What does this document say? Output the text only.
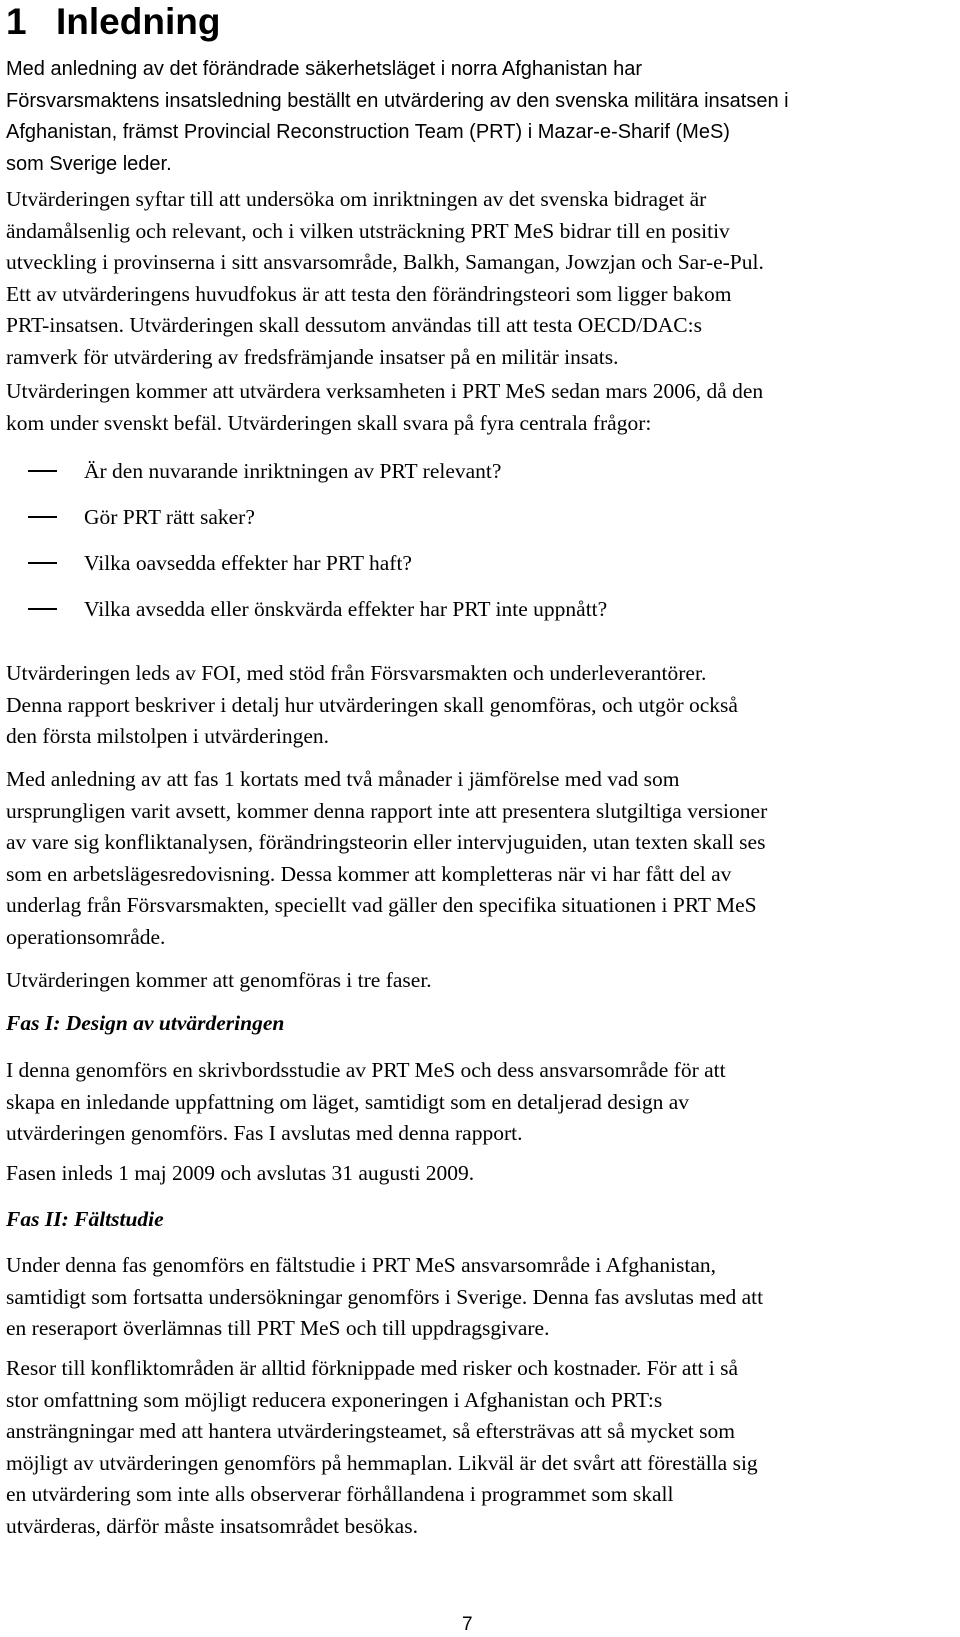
1 Inledning

Med anledning av det förändrade säkerhetsläget i norra Afghanistan har
Försvarsmaktens insatsledning beställt en utvärdering av den svenska militära insatsen i
Afghanistan, främst Provincial Reconstruction Team (PRT) i Mazar-e-Sharif (MeS)
som Sverige leder.

Utvärderingen syftar till att undersöka om inriktningen av det svenska bidraget är
ändamålsenlig och relevant, och i vilken utsträckning PRT MeS bidrar till en positiv
utveckling i provinserna i sitt ansvarsområde, Balkh, Samangan, Jowzjan och Sar-e-Pul.
Ett av utvärderingens huvudfokus är att testa den förändringsteori som ligger bakom
PRT-insatsen. Utvärderingen skall dessutom användas till att testa OECD/DAC:s
ramverk för utvärdering av fredsfrämjande insatser på en militär insats.

Utvärderingen kommer att utvärdera verksamheten i PRT MeS sedan mars 2006, då den
kom under svenskt befäl. Utvärderingen skall svara på fyra centrala frågor:

Är den nuvarande inriktningen av PRT relevant?
Gör PRT rätt saker?
Vilka oavsedda effekter har PRT haft?
Vilka avsedda eller önskvärda effekter har PRT inte uppnått?

Utvärderingen leds av FOI, med stöd från Försvarsmakten och underleverantörer.
Denna rapport beskriver i detalj hur utvärderingen skall genomföras, och utgör också
den första milstolpen i utvärderingen.

Med anledning av att fas 1 kortats med två månader i jämförelse med vad som
ursprungligen varit avsett, kommer denna rapport inte att presentera slutgiltiga versioner
av vare sig konfliktanalysen, förändringsteorin eller intervjuguiden, utan texten skall ses
som en arbetslägesredovisning. Dessa kommer att kompletteras när vi har fått del av
underlag från Försvarsmakten, speciellt vad gäller den specifika situationen i PRT MeS
operationsområde.

Utvärderingen kommer att genomföras i tre faser.

Fas I: Design av utvärderingen

I denna genomförs en skrivbordsstudie av PRT MeS och dess ansvarsområde för att
skapa en inledande uppfattning om läget, samtidigt som en detaljerad design av
utvärderingen genomförs. Fas I avslutas med denna rapport.

Fasen inleds 1 maj 2009 och avslutas 31 augusti 2009.

Fas II: Fältstudie

Under denna fas genomförs en fältstudie i PRT MeS ansvarsområde i Afghanistan,
samtidigt som fortsatta undersökningar genomförs i Sverige. Denna fas avslutas med att
en reseraport överlämnas till PRT MeS och till uppdragsgivare.

Resor till konfliktområden är alltid förknippade med risker och kostnader. För att i så
stor omfattning som möjligt reducera exponeringen i Afghanistan och PRT:s
ansträngningar med att hantera utvärderingsteamet, så eftersträvas att så mycket som
möjligt av utvärderingen genomförs på hemmaplan. Likväl är det svårt att föreställa sig
en utvärdering som inte alls observerar förhållandena i programmet som skall
utvärderas, därför måste insatsområdet besökas.

7
